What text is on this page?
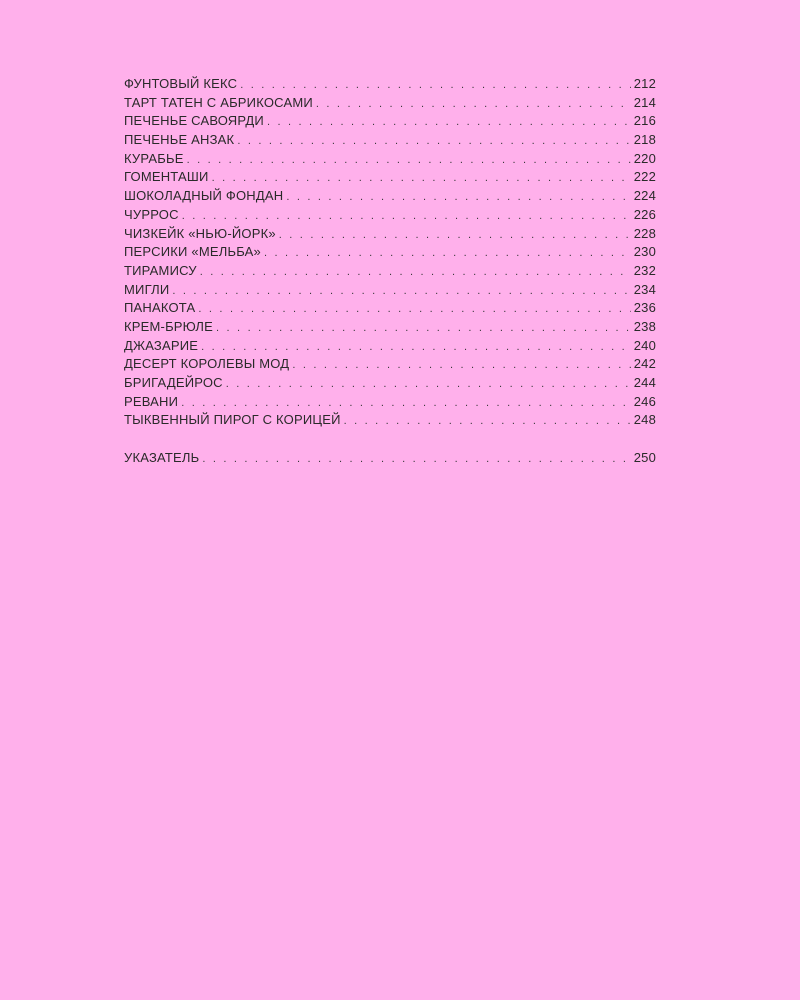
ФУНТОВЫЙ КЕКС . . .	212
ТАРТ ТАТЕН С АБРИКОСАМИ . . .	214
ПЕЧЕНЬЕ САВОЯРДИ . . .	216
ПЕЧЕНЬЕ АНЗАК . . .	218
КУРАБЬЕ . . .	220
ГОМЕНТАШИ . . .	222
ШОКОЛАДНЫЙ ФОНДАН . . .	224
ЧУРРОС . . .	226
ЧИЗКЕЙК «НЬЮ-ЙОРК» . . .	228
ПЕРСИКИ «МЕЛЬБА» . . .	230
ТИРАМИСУ . . .	232
МИГЛИ . . .	234
ПАНАКОТА . . .	236
КРЕМ-БРЮЛЕ . . .	238
ДЖАЗАРИЕ . . .	240
ДЕСЕРТ КОРОЛЕВЫ МОД . . .	242
БРИГАДЕЙРОС . . .	244
РЕВАНИ . . .	246
ТЫКВЕННЫЙ ПИРОГ С КОРИЦЕЙ . . .	248
УКАЗАТЕЛЬ . . .	250
